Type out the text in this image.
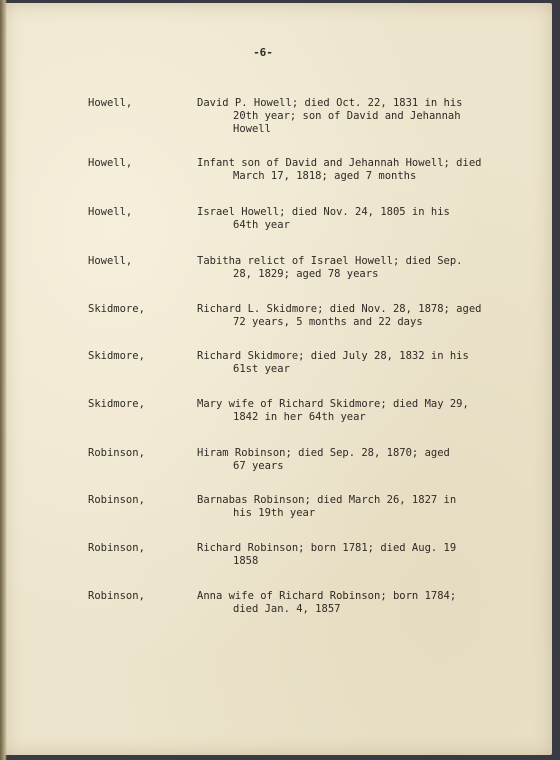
-6-
Howell,	David P. Howell; died Oct. 22, 1831 in his
20th year; son of David and Jehannah
Howell
Howell,	Infant son of David and Jehannah Howell; died
March 17, 1818; aged 7 months
Howell,	Israel Howell; died Nov. 24, 1805 in his
64th year
Howell,	Tabitha relict of Israel Howell; died Sep.
28, 1829; aged 78 years
Skidmore,	Richard L. Skidmore; died Nov. 28, 1878; aged
72 years, 5 months and 22 days
Skidmore,	Richard Skidmore; died July 28, 1832 in his
61st year
Skidmore,	Mary wife of Richard Skidmore; died May 29,
1842 in her 64th year
Robinson,	Hiram Robinson; died Sep. 28, 1870; aged
67 years
Robinson,	Barnabas Robinson; died March 26, 1827 in
his 19th year
Robinson,	Richard Robinson; born 1781; died Aug. 19
1858
Robinson,	Anna wife of Richard Robinson; born 1784;
died Jan. 4, 1857
